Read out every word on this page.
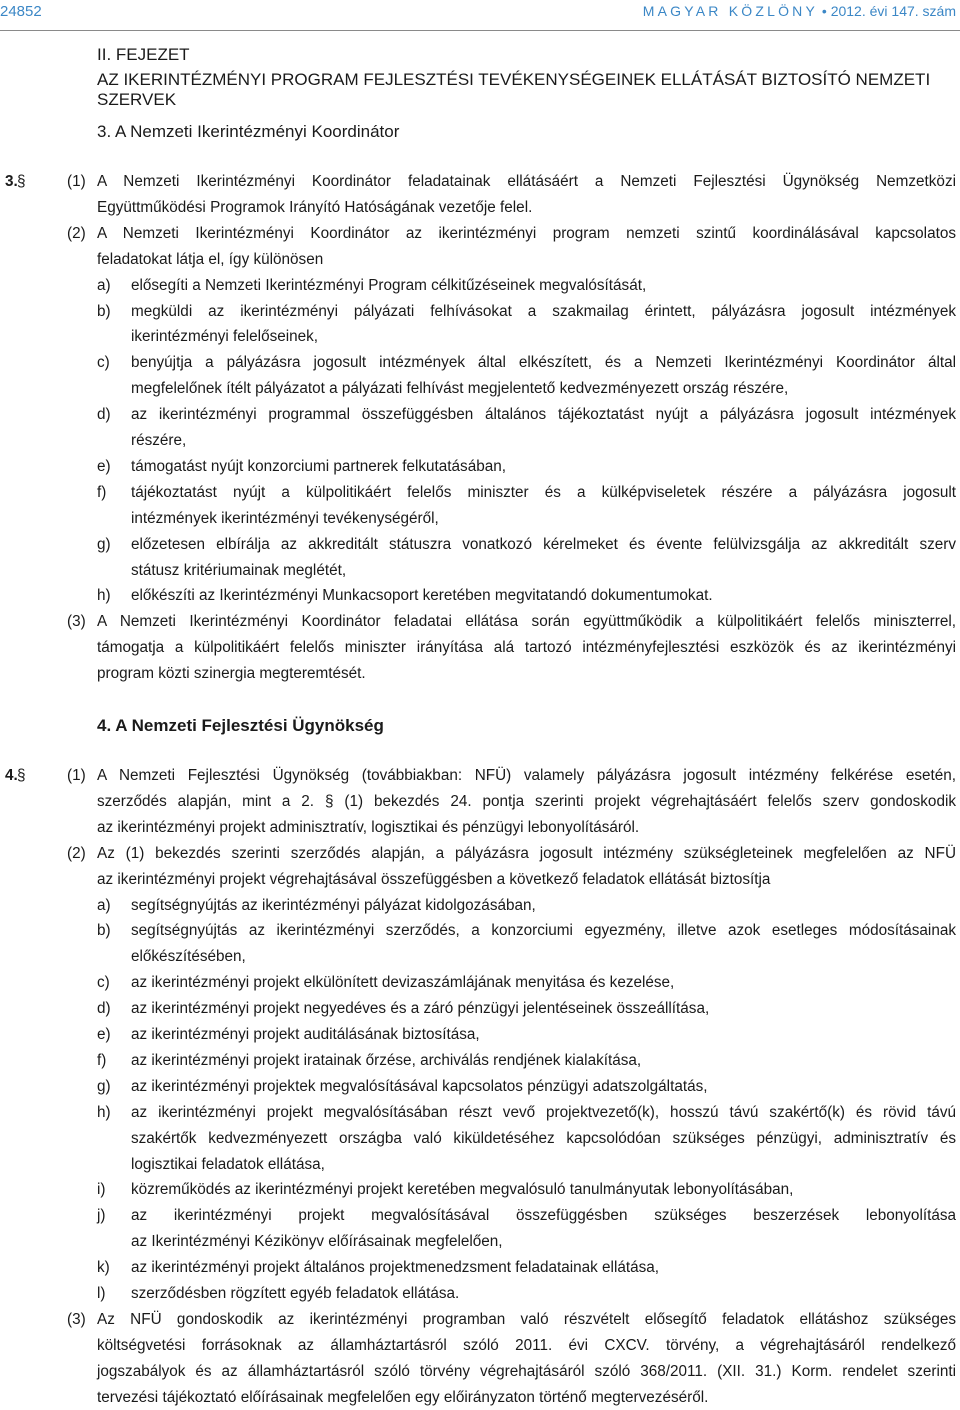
24852	MAGYAR KÖZLÖNY • 2012. évi 147. szám
II. FEJEZET
AZ IKERINTÉZMÉNYI PROGRAM FEJLESZTÉSI TEVÉKENYSÉGEINEK ELLÁTÁSÁT BIZTOSÍTÓ NEMZETI SZERVEK
3. A Nemzeti Ikerintézményi Koordinátor
4. A Nemzeti Fejlesztési Ügynökség
3. §	(1) A Nemzeti Ikerintézményi Koordinátor feladatainak ellátásáért a Nemzeti Fejlesztési Ügynökség Nemzetközi
Együttműködési Programok Irányító Hatóságának vezetője felel.
(2) A Nemzeti Ikerintézményi Koordinátor az ikerintézményi program nemzeti szintű koordinálásával kapcsolatos
feladatokat látja el, így különösen
a) elősegíti a Nemzeti Ikerintézményi Program célkitűzéseinek megvalósítását,
b) megküldi az ikerintézményi pályázati felhívásokat a szakmailag érintett, pályázásra jogosult intézmények
ikerintézményi felelőseinek,
c) benyújtja a pályázásra jogosult intézmények által elkészített, és a Nemzeti Ikerintézményi Koordinátor által
megfelelőnek ítélt pályázatot a pályázati felhívást megjelentető kedvezményezett ország részére,
d) az ikerintézményi programmal összefüggésben általános tájékoztatást nyújt a pályázásra jogosult intézmények
részére,
e) támogatást nyújt konzorciumi partnerek felkutatásában,
f) tájékoztatást nyújt a külpolitikáért felelős miniszter és a külképviseletek részére a pályázásra jogosult
intézmények ikerintézményi tevékenységéről,
g) előzetesen elbírálja az akkreditált státuszra vonatkozó kérelmeket és évente felülvizsgálja az akkreditált szerv
státusz kritériumainak meglétét,
h) előkészíti az Ikerintézményi Munkacsoport keretében megvitatandó dokumentumokat.
(3) A Nemzeti Ikerintézményi Koordinátor feladatai ellátása során együttműködik a külpolitikáért felelős miniszterrel,
támogatja a külpolitikáért felelős miniszter irányítása alá tartozó intézményfejlesztési eszközök és az ikerintézményi
program közti szinergia megteremtését.
4. §	(1) A Nemzeti Fejlesztési Ügynökség (továbbiakban: NFÜ) valamely pályázásra jogosult intézmény felkérése esetén,
szerződés alapján, mint a 2. § (1) bekezdés 24. pontja szerinti projekt végrehajtásáért felelős szerv gondoskodik
az ikerintézményi projekt adminisztratív, logisztikai és pénzügyi lebonyolításáról.
(2) Az (1) bekezdés szerinti szerződés alapján, a pályázásra jogosult intézmény szükségleteinek megfelelően az NFÜ
az ikerintézményi projekt végrehajtásával összefüggésben a következő feladatok ellátását biztosítja
a) segítségnyújtás az ikerintézményi pályázat kidolgozásában,
b) segítségnyújtás az ikerintézményi szerződés, a konzorciumi egyezmény, illetve azok esetleges módosításainak
előkészítésében,
c) az ikerintézményi projekt elkülönített devizaszámlájának menyitása és kezelése,
d) az ikerintézményi projekt negyedéves és a záró pénzügyi jelentéseinek összeállítása,
e) az ikerintézményi projekt auditálásának biztosítása,
f) az ikerintézményi projekt iratainak őrzése, archiválás rendjének kialakítása,
g) az ikerintézményi projektek megvalósításával kapcsolatos pénzügyi adatszolgáltatás,
h) az ikerintézményi projekt megvalósításában részt vevő projektvezető(k), hosszú távú szakértő(k) és rövid távú
szakértők kedvezményezett országba való kiküldetéséhez kapcsolódóan szükséges pénzügyi, adminisztratív és
logisztikai feladatok ellátása,
i) közreműködés az ikerintézményi projekt keretében megvalósuló tanulmányutak lebonyolításában,
j) az ikerintézményi projekt megvalósításával összefüggésben szükséges beszerzések lebonyolítása
az Ikerintézményi Kézikönyv előírásainak megfelelően,
k) az ikerintézményi projekt általános projektmenedzsment feladatainak ellátása,
l) szerződésben rögzített egyéb feladatok ellátása.
(3) Az NFÜ gondoskodik az ikerintézményi programban való részvételt elősegítő feladatok ellátáshoz szükséges
költségvetési forrásoknak az államháztartásról szóló 2011. évi CXCV. törvény, a végrehajtásáról rendelkező
jogszabályok és az államháztartásról szóló törvény végrehajtásáról szóló 368/2011. (XII. 31.) Korm. rendelet szerinti
tervezési tájékoztató előírásainak megfelelően egy előirányzaton történő megtervezéséről.
